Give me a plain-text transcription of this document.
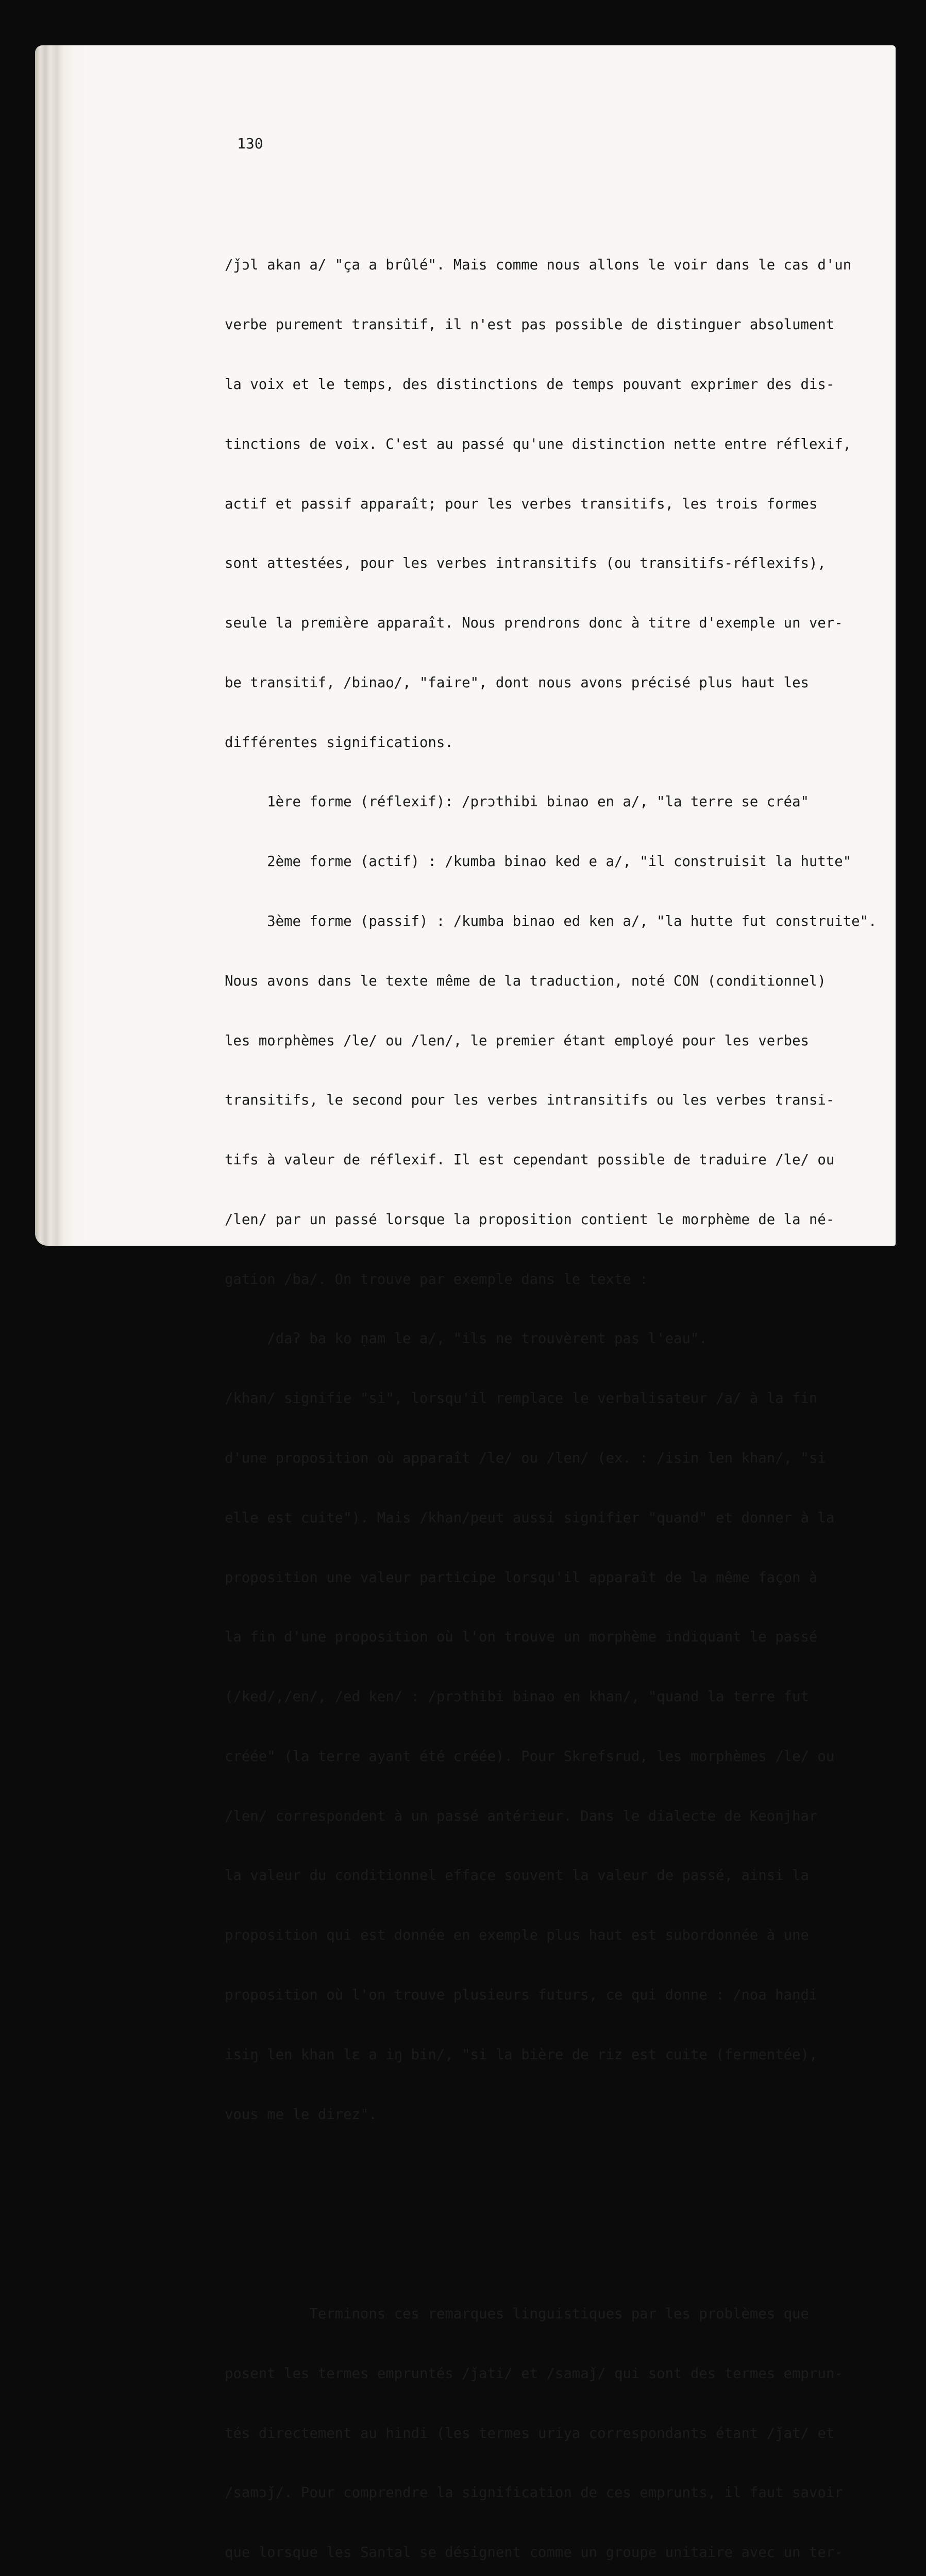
130

/ǰɔl akan a/ "ça a brûlé". Mais comme nous allons le voir dans le cas d'un

verbe purement transitif, il n'est pas possible de distinguer absolument

la voix et le temps, des distinctions de temps pouvant exprimer des dis-

tinctions de voix. C'est au passé qu'une distinction nette entre réflexif,

actif et passif apparaît; pour les verbes transitifs, les trois formes

sont attestées, pour les verbes intransitifs (ou transitifs-réflexifs),

seule la première apparaît. Nous prendrons donc à titre d'exemple un ver-

be transitif, /binao/, "faire", dont nous avons précisé plus haut les

différentes significations.

1ère forme (réflexif): /prɔthibi binao en a/, "la terre se créa"

2ème forme (actif) : /kumba binao ked e a/, "il construisit la hutte"

3ème forme (passif) : /kumba binao ed ken a/, "la hutte fut construite".

Nous avons dans le texte même de la traduction, noté CON (conditionnel)

les morphèmes /le/ ou /len/, le premier étant employé pour les verbes

transitifs, le second pour les verbes intransitifs ou les verbes transi-

tifs à valeur de réflexif. Il est cependant possible de traduire /le/ ou

/len/ par un passé lorsque la proposition contient le morphème de la né-

gation /ba/. On trouve par exemple dans le texte :

/daʔ ba ko ṇam le a/, "ils ne trouvèrent pas l'eau".

/khan/ signifie "si", lorsqu'il remplace le verbalisateur /a/ à la fin

d'une proposition où apparaît /le/ ou /len/ (ex. : /isin len khan/, "si

elle est cuite"). Mais /khan/peut aussi signifier "quand" et donner à la

proposition une valeur participe lorsqu'il apparaît de la même façon à

la fin d'une proposition où l'on trouve un morphème indiquant le passé

(/ked/,/en/, /ed ken/ : /prɔthibi binao en khan/, "quand la terre fut

créée" (la terre ayant été créée). Pour Skrefsrud, les morphèmes /le/ ou

/len/ correspondent à un passé antérieur. Dans le dialecte de Keonjhar

la valeur du conditionnel efface souvent la valeur de passé, ainsi la

proposition qui est donnée en exemple plus haut est subordonnée à une

proposition où l'on trouve plusieurs futurs, ce qui donne : /noa haṇḍi

isiŋ len khan lɛ a iŋ bin/, "si la bière de riz est cuite (fermentée),

vous me le direz".

Terminons ces remarques linguistiques par les problèmes que

posent les termes empruntés /ǰati/ et /samaǰ/ qui sont des termes emprun-

tés directement au hindi (les termes uriya correspondants étant /ǰat/ et

/samɔǰ/. Pour comprendre la signification de ces emprunts, il faut savoir

que lorsque les Santal se désignent comme un groupe unitaire avec un ter-
